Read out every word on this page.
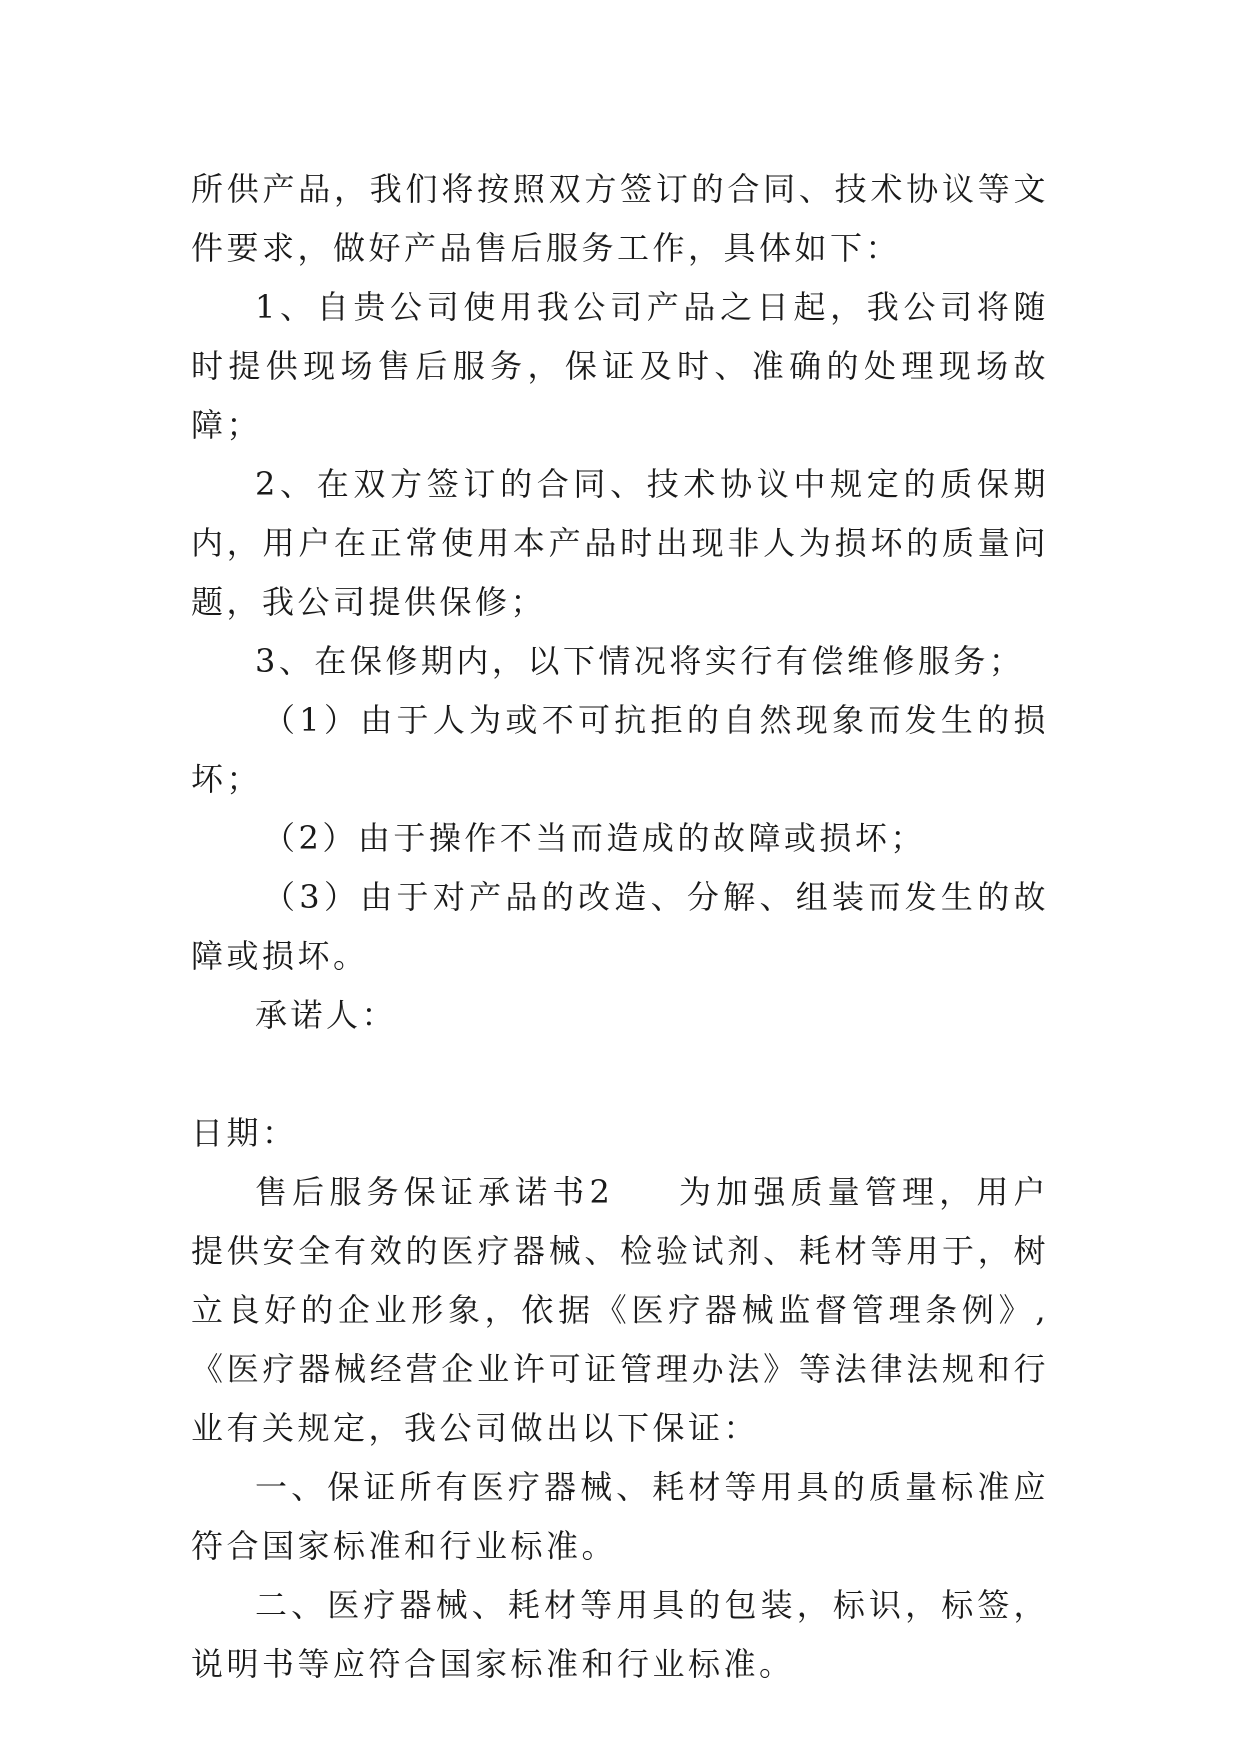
所供产品，我们将按照双方签订的合同、技术协议等文件要求，做好产品售后服务工作，具体如下：

1、自贵公司使用我公司产品之日起，我公司将随时提供现场售后服务，保证及时、准确的处理现场故障；

2、在双方签订的合同、技术协议中规定的质保期内，用户在正常使用本产品时出现非人为损坏的质量问题，我公司提供保修；

3、在保修期内，以下情况将实行有偿维修服务；

（1）由于人为或不可抗拒的自然现象而发生的损坏；

（2）由于操作不当而造成的故障或损坏；

（3）由于对产品的改造、分解、组装而发生的故障或损坏。

承诺人：

日期：

售后服务保证承诺书2 为加强质量管理，用户提供安全有效的医疗器械、检验试剂、耗材等用于，树立良好的企业形象，依据《医疗器械监督管理条例》,《医疗器械经营企业许可证管理办法》等法律法规和行业有关规定，我公司做出以下保证：

一、保证所有医疗器械、耗材等用具的质量标准应符合国家标准和行业标准。

二、医疗器械、耗材等用具的包装，标识，标签，说明书等应符合国家标准和行业标准。
